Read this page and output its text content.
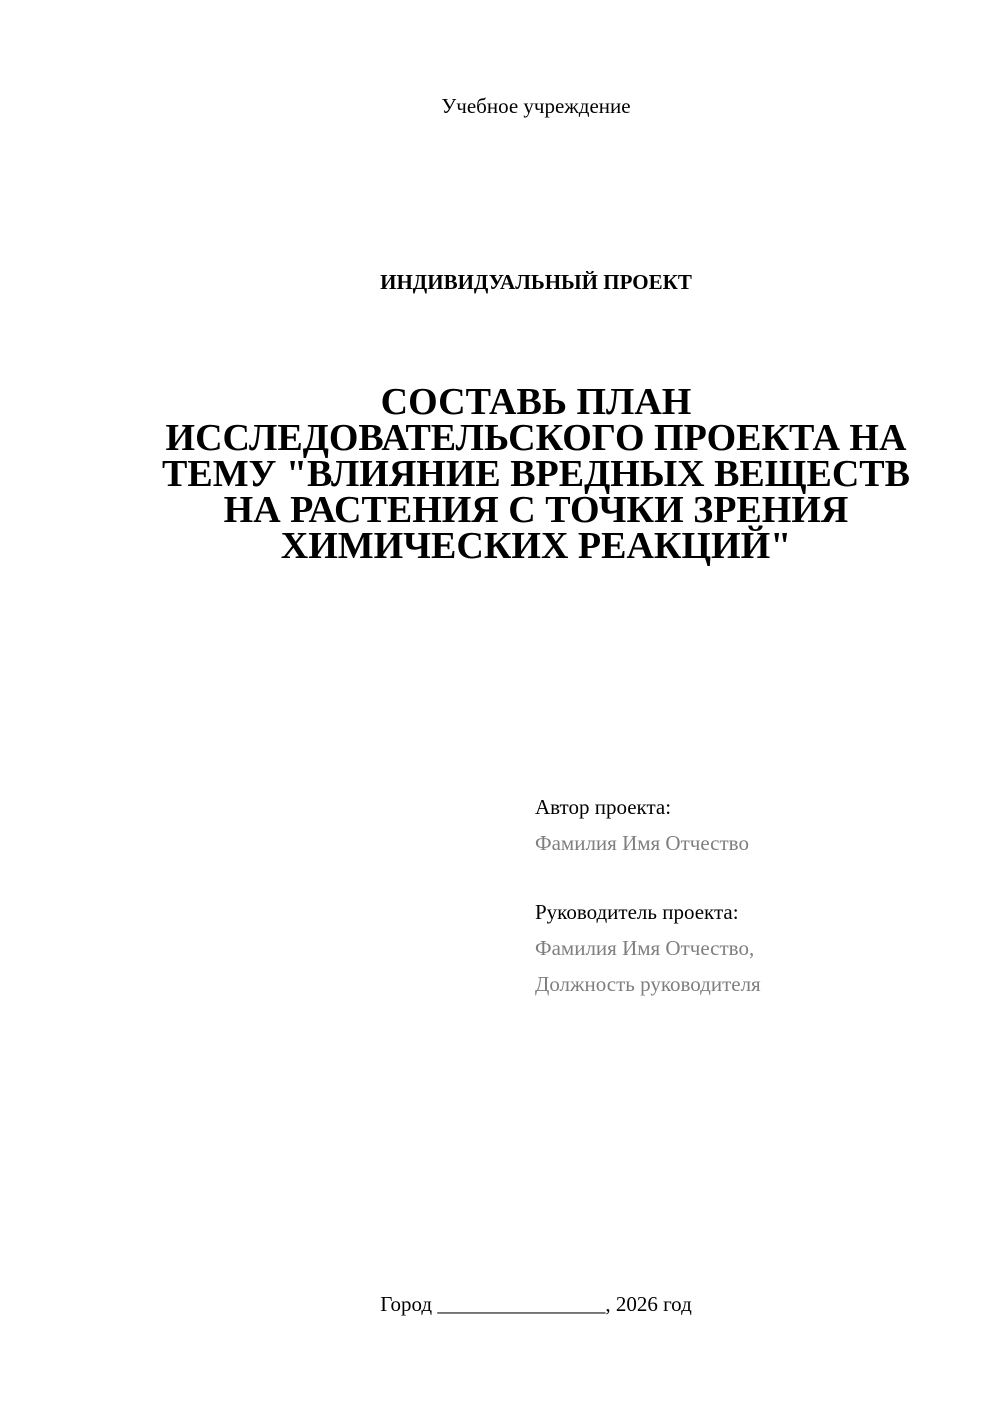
Учебное учреждение
ИНДИВИДУАЛЬНЫЙ ПРОЕКТ
СОСТАВЬ ПЛАН
ИССЛЕДОВАТЕЛЬСКОГО ПРОЕКТА НА
ТЕМУ "ВЛИЯНИЕ ВРЕДНЫХ ВЕЩЕСТВ
НА РАСТЕНИЯ С ТОЧКИ ЗРЕНИЯ
ХИМИЧЕСКИХ РЕАКЦИЙ"
Автор проекта:
Фамилия Имя Отчество
Руководитель проекта:
Фамилия Имя Отчество,
Должность руководителя
Город ________________, 2026 год
